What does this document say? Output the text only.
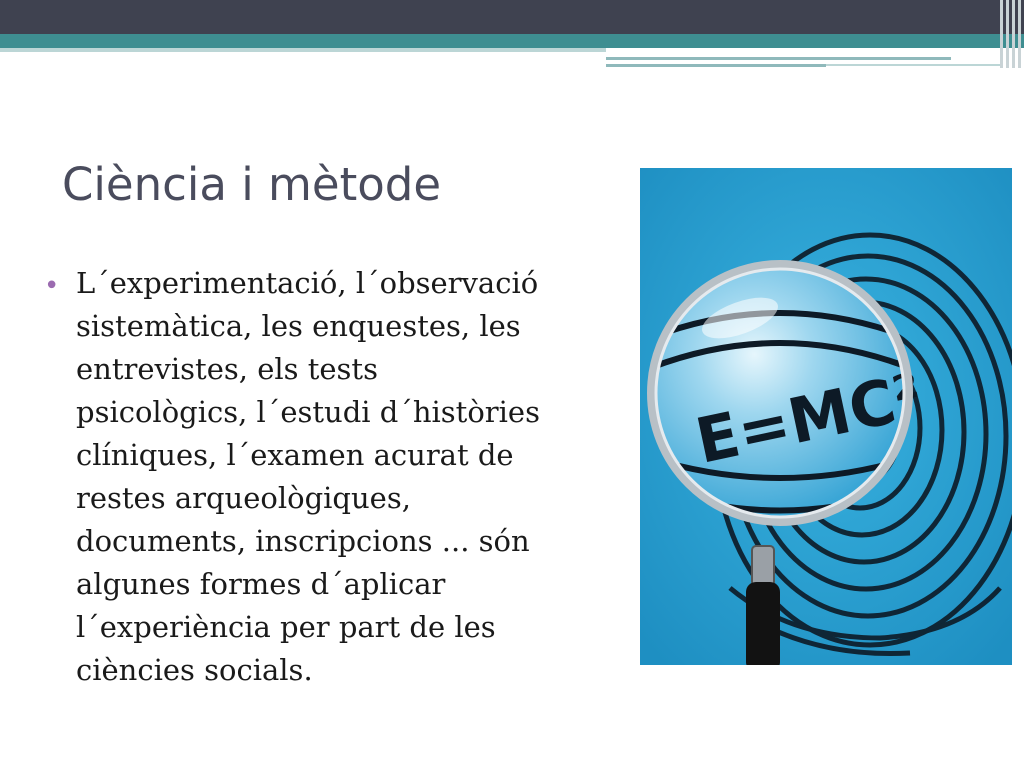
Ciència i mètode
• L´experimentació, l´observació
sistemàtica, les enquestes, les
entrevistes, els tests
psicològics, l´estudi d´històries
clíniques, l´examen acurat de
restes arqueològiques,
documents, inscripcions ... són
algunes formes d´aplicar
l´experiència per part de les
ciències socials.
E=MC²
